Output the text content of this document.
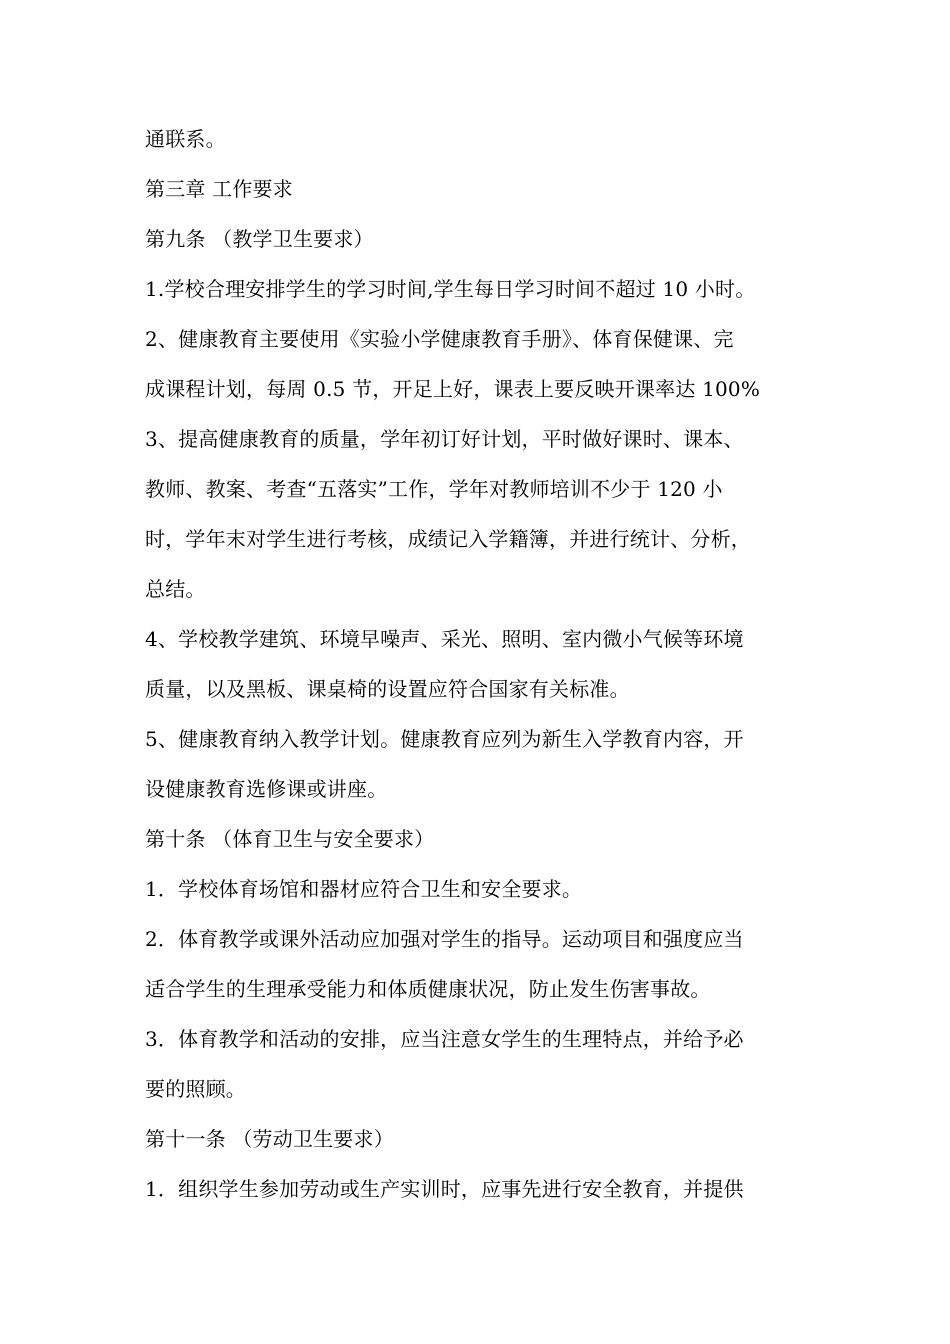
通联系。
第三章 工作要求
第九条 （教学卫生要求）
1.学校合理安排学生的学习时间,学生每日学习时间不超过 10 小时。
2、健康教育主要使用《实验小学健康教育手册》、体育保健课、完
成课程计划，每周 0.5 节，开足上好，课表上要反映开课率达 100%
3、提高健康教育的质量，学年初订好计划，平时做好课时、课本、
教师、教案、考查“五落实”工作，学年对教师培训不少于 120 小
时，学年末对学生进行考核，成绩记入学籍簿，并进行统计、分析，
总结。
4、学校教学建筑、环境早噪声、采光、照明、室内微小气候等环境
质量，以及黑板、课桌椅的设置应符合国家有关标准。
5、健康教育纳入教学计划。健康教育应列为新生入学教育内容，开
设健康教育选修课或讲座。
第十条 （体育卫生与安全要求）
1．学校体育场馆和器材应符合卫生和安全要求。
2．体育教学或课外活动应加强对学生的指导。运动项目和强度应当
适合学生的生理承受能力和体质健康状况，防止发生伤害事故。
3．体育教学和活动的安排，应当注意女学生的生理特点，并给予必
要的照顾。
第十一条 （劳动卫生要求）
1．组织学生参加劳动或生产实训时，应事先进行安全教育，并提供
